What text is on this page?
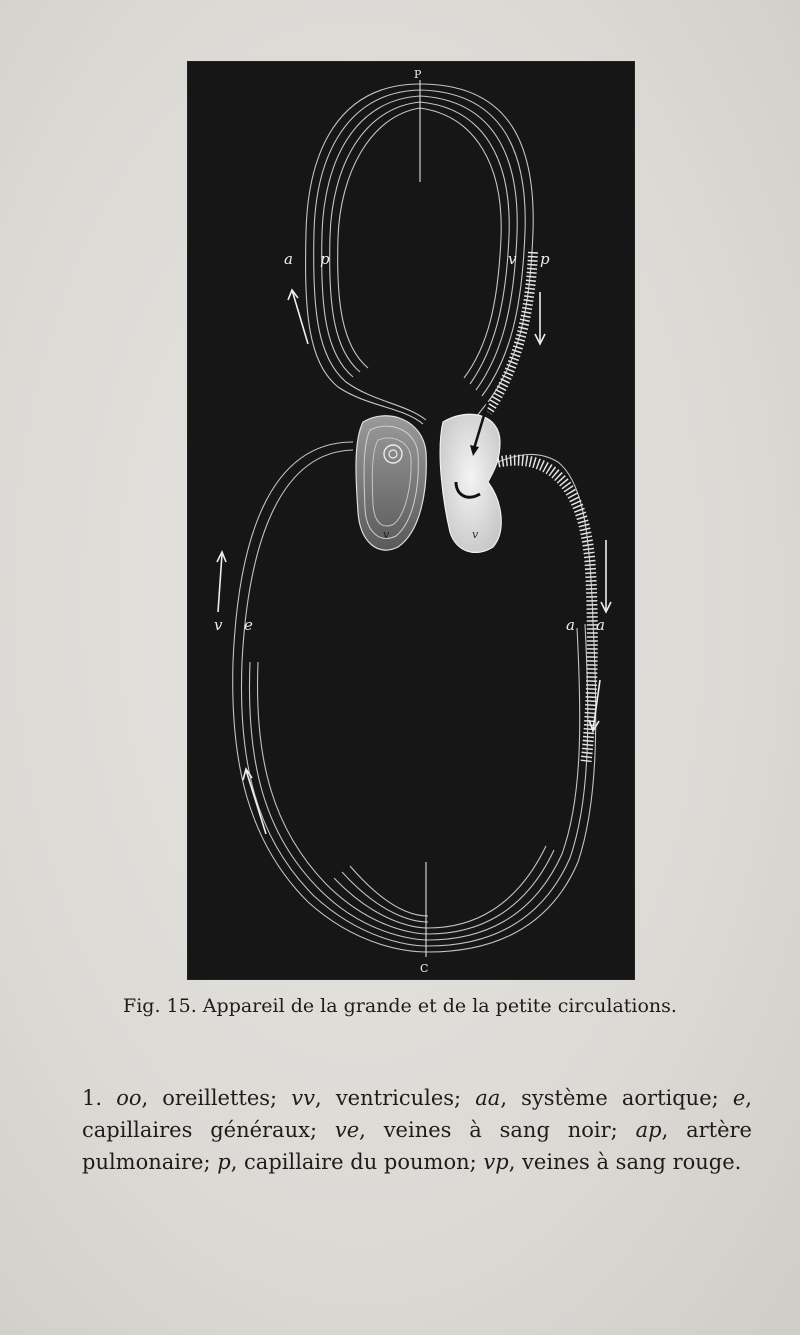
P
C
a p	v p
v e	a a
v	v
Fig. 15. Appareil de la grande et de la petite circulations.
1. oo, oreillettes; vv, ventricules; aa, système aortique; e, capillaires généraux; ve, veines à sang noir; ap, artère pulmonaire; p, capillaire du poumon; vp, veines à sang rouge.
